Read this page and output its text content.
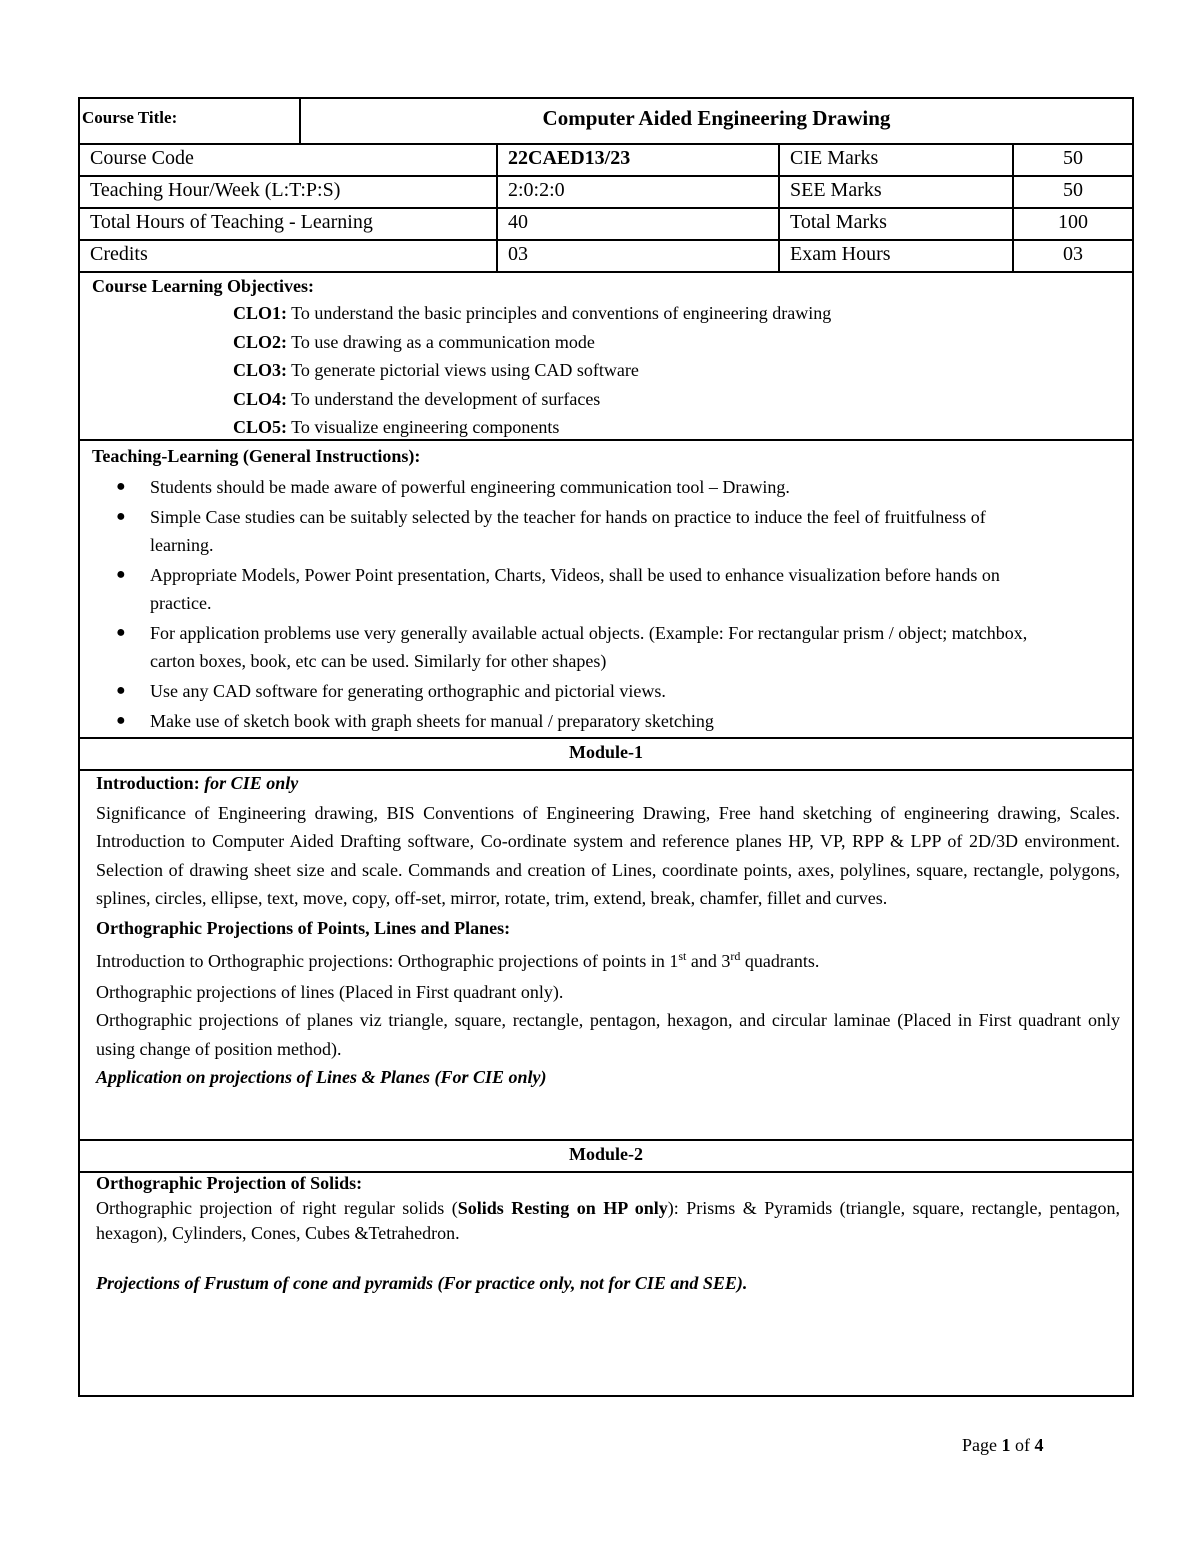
Course Title:	Computer Aided Engineering Drawing
Course Code	22CAED13/23	CIE Marks	50
Teaching Hour/Week (L:T:P:S)	2:0:2:0	SEE Marks	50
Total Hours of Teaching - Learning	40	Total Marks	100
Credits	03	Exam Hours	03
Course Learning Objectives:
CLO1: To understand the basic principles and conventions of engineering drawing
CLO2: To use drawing as a communication mode
CLO3: To generate pictorial views using CAD software
CLO4: To understand the development of surfaces
CLO5: To visualize engineering components
Teaching-Learning (General Instructions):
● Students should be made aware of powerful engineering communication tool – Drawing.
● Simple Case studies can be suitably selected by the teacher for hands on practice to induce the feel of fruitfulness of learning.
● Appropriate Models, Power Point presentation, Charts, Videos, shall be used to enhance visualization before hands on practice.
● For application problems use very generally available actual objects. (Example: For rectangular prism / object; matchbox, carton boxes, book, etc can be used. Similarly for other shapes)
● Use any CAD software for generating orthographic and pictorial views.
● Make use of sketch book with graph sheets for manual / preparatory sketching
Module-1
Introduction: for CIE only
Significance of Engineering drawing, BIS Conventions of Engineering Drawing, Free hand sketching of engineering drawing, Scales. Introduction to Computer Aided Drafting software, Co-ordinate system and reference planes HP, VP, RPP & LPP of 2D/3D environment. Selection of drawing sheet size and scale. Commands and creation of Lines, coordinate points, axes, polylines, square, rectangle, polygons, splines, circles, ellipse, text, move, copy, off-set, mirror, rotate, trim, extend, break, chamfer, fillet and curves.
Orthographic Projections of Points, Lines and Planes:
Introduction to Orthographic projections: Orthographic projections of points in 1st and 3rd quadrants.
Orthographic projections of lines (Placed in First quadrant only).
Orthographic projections of planes viz triangle, square, rectangle, pentagon, hexagon, and circular laminae (Placed in First quadrant only using change of position method).
Application on projections of Lines & Planes (For CIE only)
Module-2
Orthographic Projection of Solids:
Orthographic projection of right regular solids (Solids Resting on HP only): Prisms & Pyramids (triangle, square, rectangle, pentagon, hexagon), Cylinders, Cones, Cubes &Tetrahedron.
Projections of Frustum of cone and pyramids (For practice only, not for CIE and SEE).
Page 1 of 4
